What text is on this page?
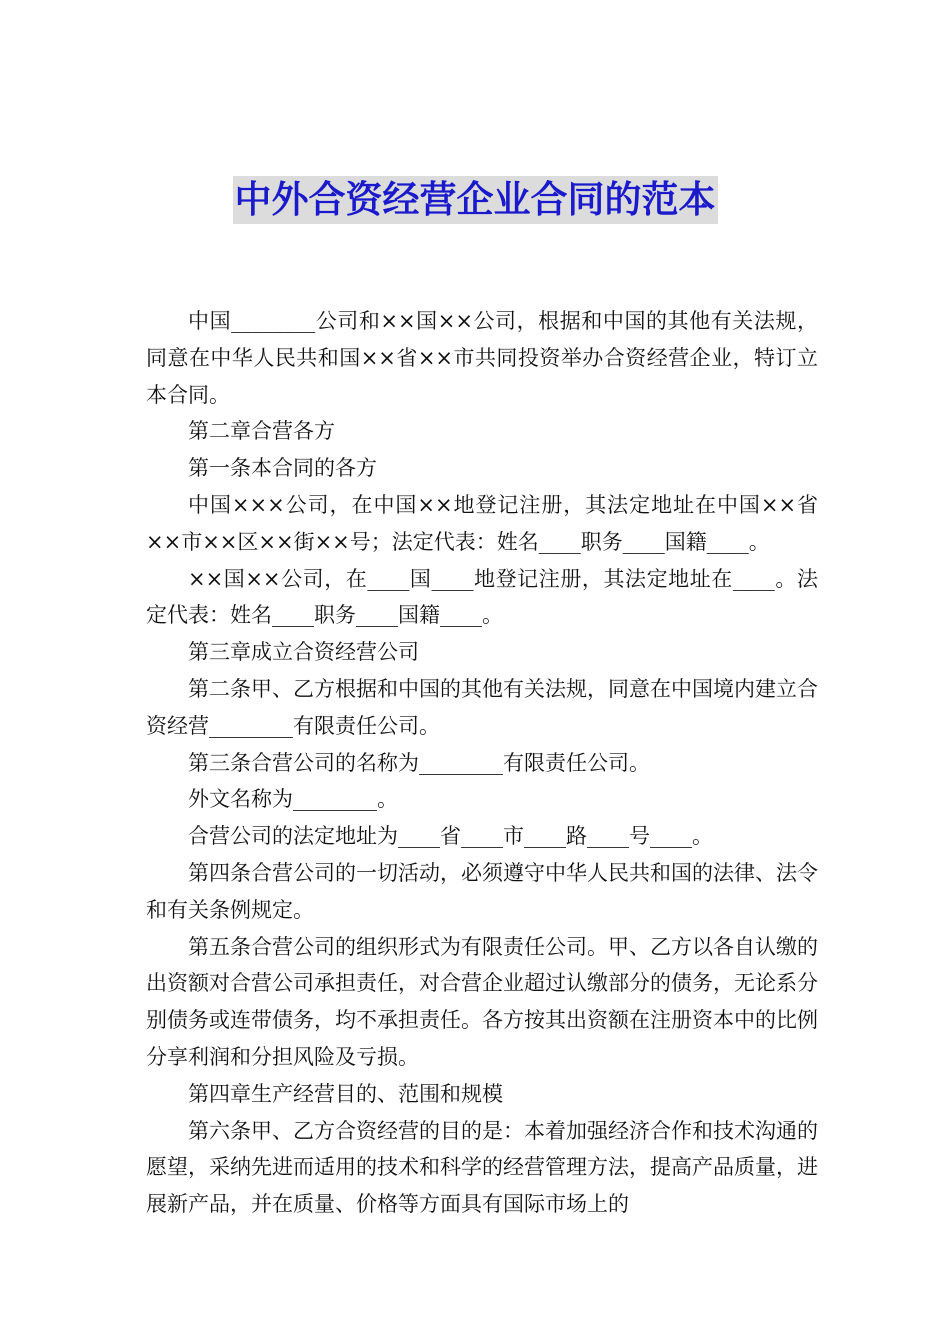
中外合资经营企业合同的范本

中国________公司和××国××公司，根据和中国的其他有关法规，同意在中华人民共和国××省××市共同投资举办合资经营企业，特订立本合同。

第二章合营各方

第一条本合同的各方

中国×××公司，在中国××地登记注册，其法定地址在中国××省××市××区××街××号；法定代表：姓名____职务____国籍____。

××国××公司，在____国____地登记注册，其法定地址在____。法定代表：姓名____职务____国籍____。

第三章成立合资经营公司

第二条甲、乙方根据和中国的其他有关法规，同意在中国境内建立合资经营________有限责任公司。

第三条合营公司的名称为________有限责任公司。

外文名称为________。

合营公司的法定地址为____省____市____路____号____。

第四条合营公司的一切活动，必须遵守中华人民共和国的法律、法令和有关条例规定。

第五条合营公司的组织形式为有限责任公司。甲、乙方以各自认缴的出资额对合营公司承担责任，对合营企业超过认缴部分的债务，无论系分别债务或连带债务，均不承担责任。各方按其出资额在注册资本中的比例分享利润和分担风险及亏损。

第四章生产经营目的、范围和规模

第六条甲、乙方合资经营的目的是：本着加强经济合作和技术沟通的愿望，采纳先进而适用的技术和科学的经营管理方法，提高产品质量，进展新产品，并在质量、价格等方面具有国际市场上的
